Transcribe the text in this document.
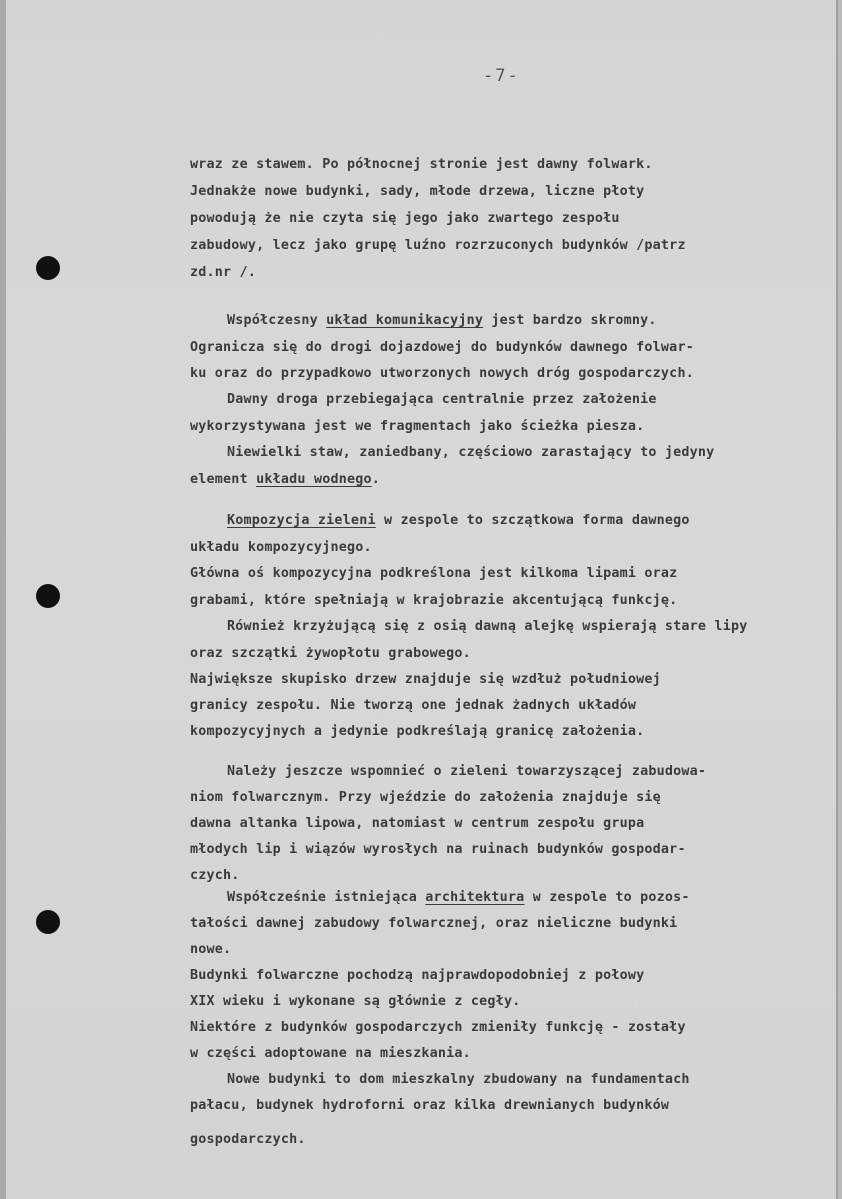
-7-
wraz ze stawem. Po północnej stronie jest dawny folwark.
Jednakże nowe budynki, sady, młode drzewa, liczne płoty
powodują że nie czyta się jego jako zwartego zespołu
zabudowy, lecz jako grupę luźno rozrzuconych budynków /patrz
zd.nr /.
Współczesny układ komunikacyjny jest bardzo skromny.
Ogranicza się do drogi dojazdowej do budynków dawnego folwar-
ku oraz do przypadkowo utworzonych nowych dróg gospodarczych.
Dawny droga przebiegająca centralnie przez założenie
wykorzystywana jest we fragmentach jako ścieżka piesza.
Niewielki staw, zaniedbany, częściowo zarastający to jedyny
element układu wodnego.
Kompozycja zieleni w zespole to szczątkowa forma dawnego
układu kompozycyjnego.
Główna oś kompozycyjna podkreślona jest kilkoma lipami oraz
grabami, które spełniają w krajobrazie akcentującą funkcję.
Również krzyżującą się z osią dawną alejkę wspierają stare lipy
oraz szczątki żywopłotu grabowego.
Największe skupisko drzew znajduje się wzdłuż południowej
granicy zespołu. Nie tworzą one jednak żadnych układów
kompozycyjnych a jedynie podkreślają granicę założenia.
Należy jeszcze wspomnieć o zieleni towarzyszącej zabudowa-
niom folwarcznym. Przy wjeździe do założenia znajduje się
dawna altanka lipowa, natomiast w centrum zespołu grupa
młodych lip i wiązów wyrosłych na ruinach budynków gospodar-
czych.
Współcześnie istniejąca architektura w zespole to pozos-
tałości dawnej zabudowy folwarcznej, oraz nieliczne budynki
nowe.
Budynki folwarczne pochodzą najprawdopodobniej z połowy
XIX wieku i wykonane są głównie z cegły.
Niektóre z budynków gospodarczych zmieniły funkcję - zostały
w części adoptowane na mieszkania.
Nowe budynki to dom mieszkalny zbudowany na fundamentach
pałacu, budynek hydroforni oraz kilka drewnianych budynków
gospodarczych.
